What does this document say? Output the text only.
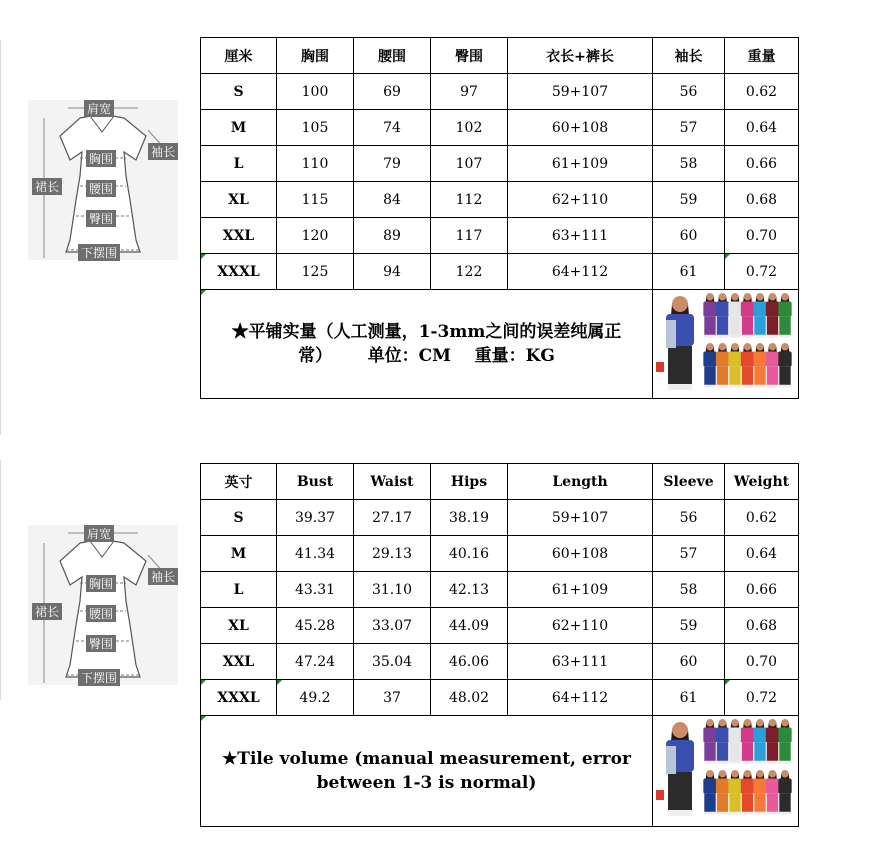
肩宽
袖长
胸围
裙长 腰围
臀围
下摆围
厘米	胸围	腰围	臀围	衣长+裤长	袖长	重量
S	100	69	97	59+107	56	0.62
M	105	74	102	60+108	57	0.64
L	110	79	107	61+109	58	0.66
XL	115	84	112	62+110	59	0.68
XXL	120	89	117	63+111	60	0.70
XXXL	125	94	122	64+112	61	0.72

★平铺实量（人工测量，1-3mm之间的误差纯属正
常）      单位：CM    重量：KG

肩宽
袖长
胸围
裙长 腰围
臀围
下摆围
英寸	Bust	Waist	Hips	Length	Sleeve	Weight
S	39.37	27.17	38.19	59+107	56	0.62
M	41.34	29.13	40.16	60+108	57	0.64
L	43.31	31.10	42.13	61+109	58	0.66
XL	45.28	33.07	44.09	62+110	59	0.68
XXL	47.24	35.04	46.06	63+111	60	0.70
XXXL	49.2	37	48.02	64+112	61	0.72

★Tile volume (manual measurement, error
between 1-3 is normal)
